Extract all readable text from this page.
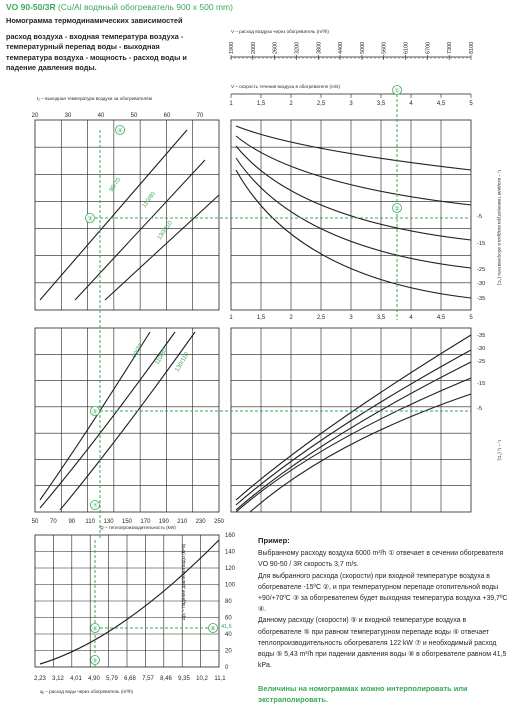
VO 90-50/3R (Cu/Al водяный обогреватель 900 x 500 mm)
Номограмма термодинамических зависимостей
расход воздуха - входная температура воздуха - температурный перепад воды - выходная температура воздуха - мощность - расход воды и падение давления воды.
V – расход воздуха через обогреватель (m³/h)
1900	2000	2600	3200	3800	4400	5000	5600	6100	6700	7300	8100
V – скорость течения воздуха в обогревателе (m/s)
1	1,5	2	2,5	3	3,5	4	4,5	5
t₂ – выходная температура воздуха за обогревателем
20	30	40	50	60	70
90/70
110/80
130/110
-5
-15
-25
-30
-35
t₁ – входная температура воздуха в обогреватель (°C)
1	1,5	2	2,5	3	3,5	4	4,5	5
90/70 110/80 130/110
50 70 90 110 130 150 170 190 210 230 250
Q – теплопроизводительность (kW)
-35
-30
-25
-15
-5
t₁ – t₂ (°C)
0
20
40
60
80
100
120
140
160
Δpᵥ – падение давления воды (kPa)
2,23 3,12 4,01 4,90 5,79 6,68 7,57 8,46 9,35 10,2 11,1
qᵥ – расход воды через обогреватель (m³/h)
41,5
①
②
③
④
⑤
⑦
⑥
⑤
⑧
Пример:

Выбранному расходу воздуха 6000 m³/h ① отвечает в сечении обогревателя VO 90-50 / 3R скорость 3,7 m/s.

Для выбранного расхода (скорости) при входной температуре воздуха в обогревателе -15ºC ②, и при температурном перепаде отопительной воды +90/+70ºC ③ за обогревателем будет выходная температура воздуха +39,7ºC ④.

Данному расходу (скорости) ⑤ и входной температуре воздуха в обогревателе ⑤ при равном температурном перепаде воды ④ отвечает теплопроизводительность обогревателя 122 kW ⑦ и необходимый расход воды ⑤ 5,43 m³/h при падении давления воды ⑧ в обогревателе равном 41,5 kPa.

Величины на номограммах можно интерполировать или экстраполировать.
